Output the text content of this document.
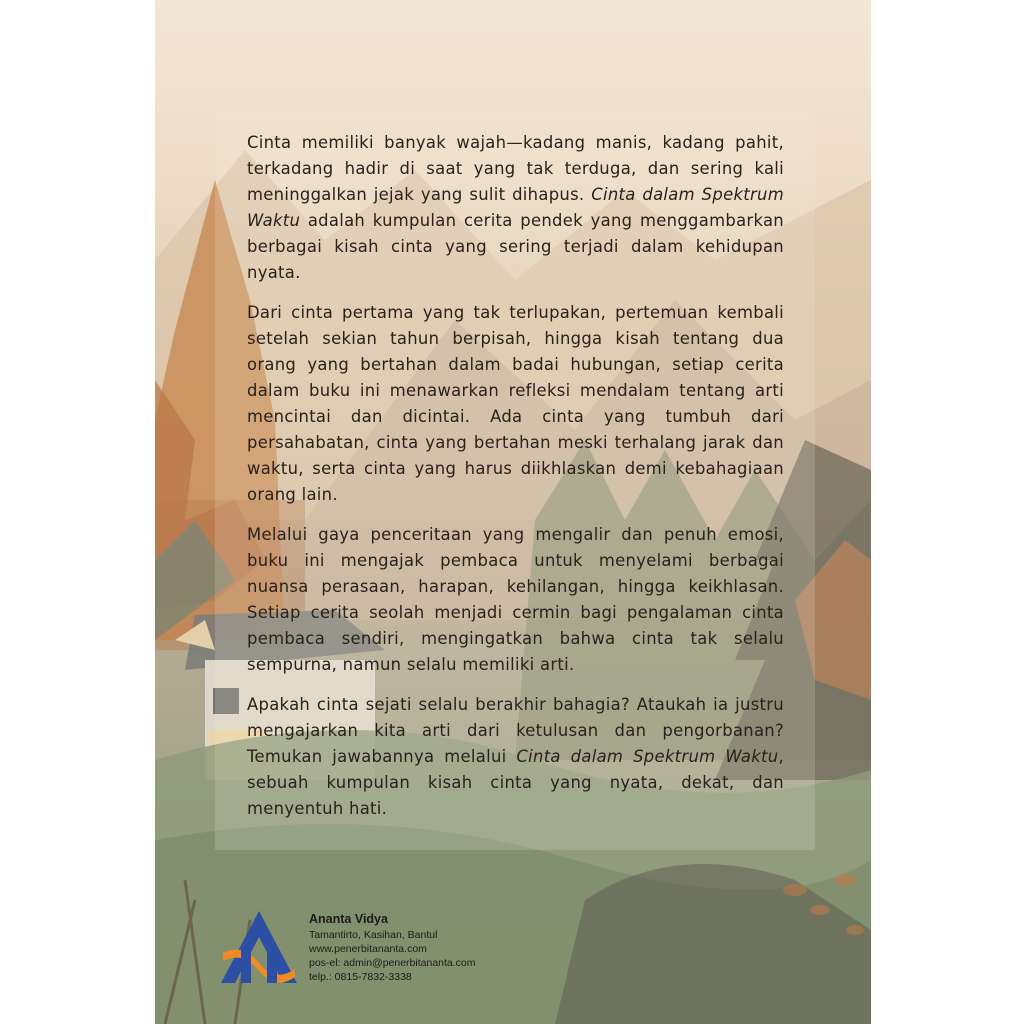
Cinta memiliki banyak wajah—kadang manis, kadang pahit, terkadang hadir di saat yang tak terduga, dan sering kali meninggalkan jejak yang sulit dihapus. Cinta dalam Spektrum Waktu adalah kumpulan cerita pendek yang menggambarkan berbagai kisah cinta yang sering terjadi dalam kehidupan nyata.

Dari cinta pertama yang tak terlupakan, pertemuan kembali setelah sekian tahun berpisah, hingga kisah tentang dua orang yang bertahan dalam badai hubungan, setiap cerita dalam buku ini menawarkan refleksi mendalam tentang arti mencintai dan dicintai. Ada cinta yang tumbuh dari persahabatan, cinta yang bertahan meski terhalang jarak dan waktu, serta cinta yang harus diikhlaskan demi kebahagiaan orang lain.

Melalui gaya penceritaan yang mengalir dan penuh emosi, buku ini mengajak pembaca untuk menyelami berbagai nuansa perasaan, harapan, kehilangan, hingga keikhlasan. Setiap cerita seolah menjadi cermin bagi pengalaman cinta pembaca sendiri, mengingatkan bahwa cinta tak selalu sempurna, namun selalu memiliki arti.

Apakah cinta sejati selalu berakhir bahagia? Ataukah ia justru mengajarkan kita arti dari ketulusan dan pengorbanan? Temukan jawabannya melalui Cinta dalam Spektrum Waktu, sebuah kumpulan kisah cinta yang nyata, dekat, dan menyentuh hati.

Ananta Vidya
Tamantirto, Kasihan, Bantul
www.penerbitananta.com
pos-el: admin@penerbitananta.com
telp.: 0815-7832-3338
